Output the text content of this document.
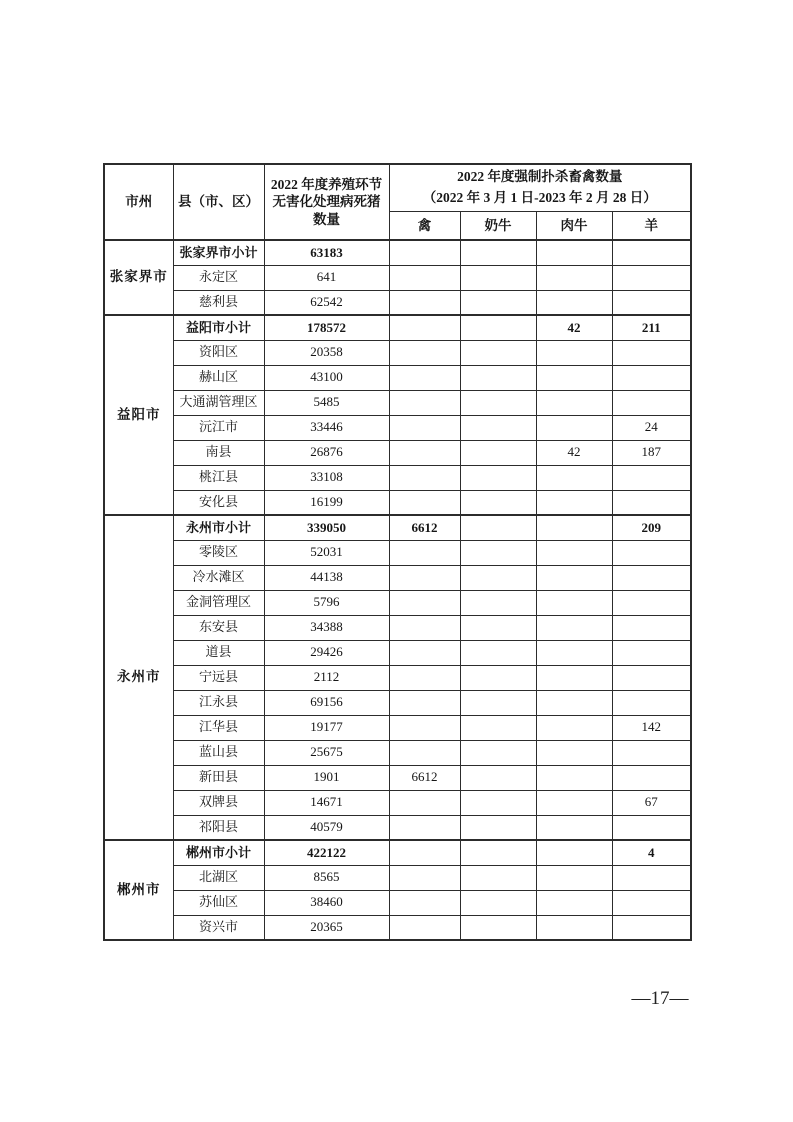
市州	县（市、区）	2022 年度养殖环节无害化处理病死猪数量	2022 年度强制扑杀畜禽数量
（2022 年 3 月 1 日-2023 年 2 月 28 日）			

			禽	奶牛	肉牛	羊
张家界市	张家界市小计	63183				
	永定区	641				
	慈利县	62542				
益阳市	益阳市小计	178572			42	211
	资阳区	20358				
	赫山区	43100				
	大通湖管理区	5485				
	沅江市	33446				24
	南县	26876			42	187
	桃江县	33108				
	安化县	16199				
永州市	永州市小计	339050	6612			209
	零陵区	52031				
	冷水滩区	44138				
	金洞管理区	5796				
	东安县	34388				
	道县	29426				
	宁远县	2112				
	江永县	69156				
	江华县	19177				142
	蓝山县	25675				
	新田县	1901	6612			
	双牌县	14671				67
	祁阳县	40579				
郴州市	郴州市小计	422122				4
	北湖区	8565				
	苏仙区	38460				
	资兴市	20365				
—17—
